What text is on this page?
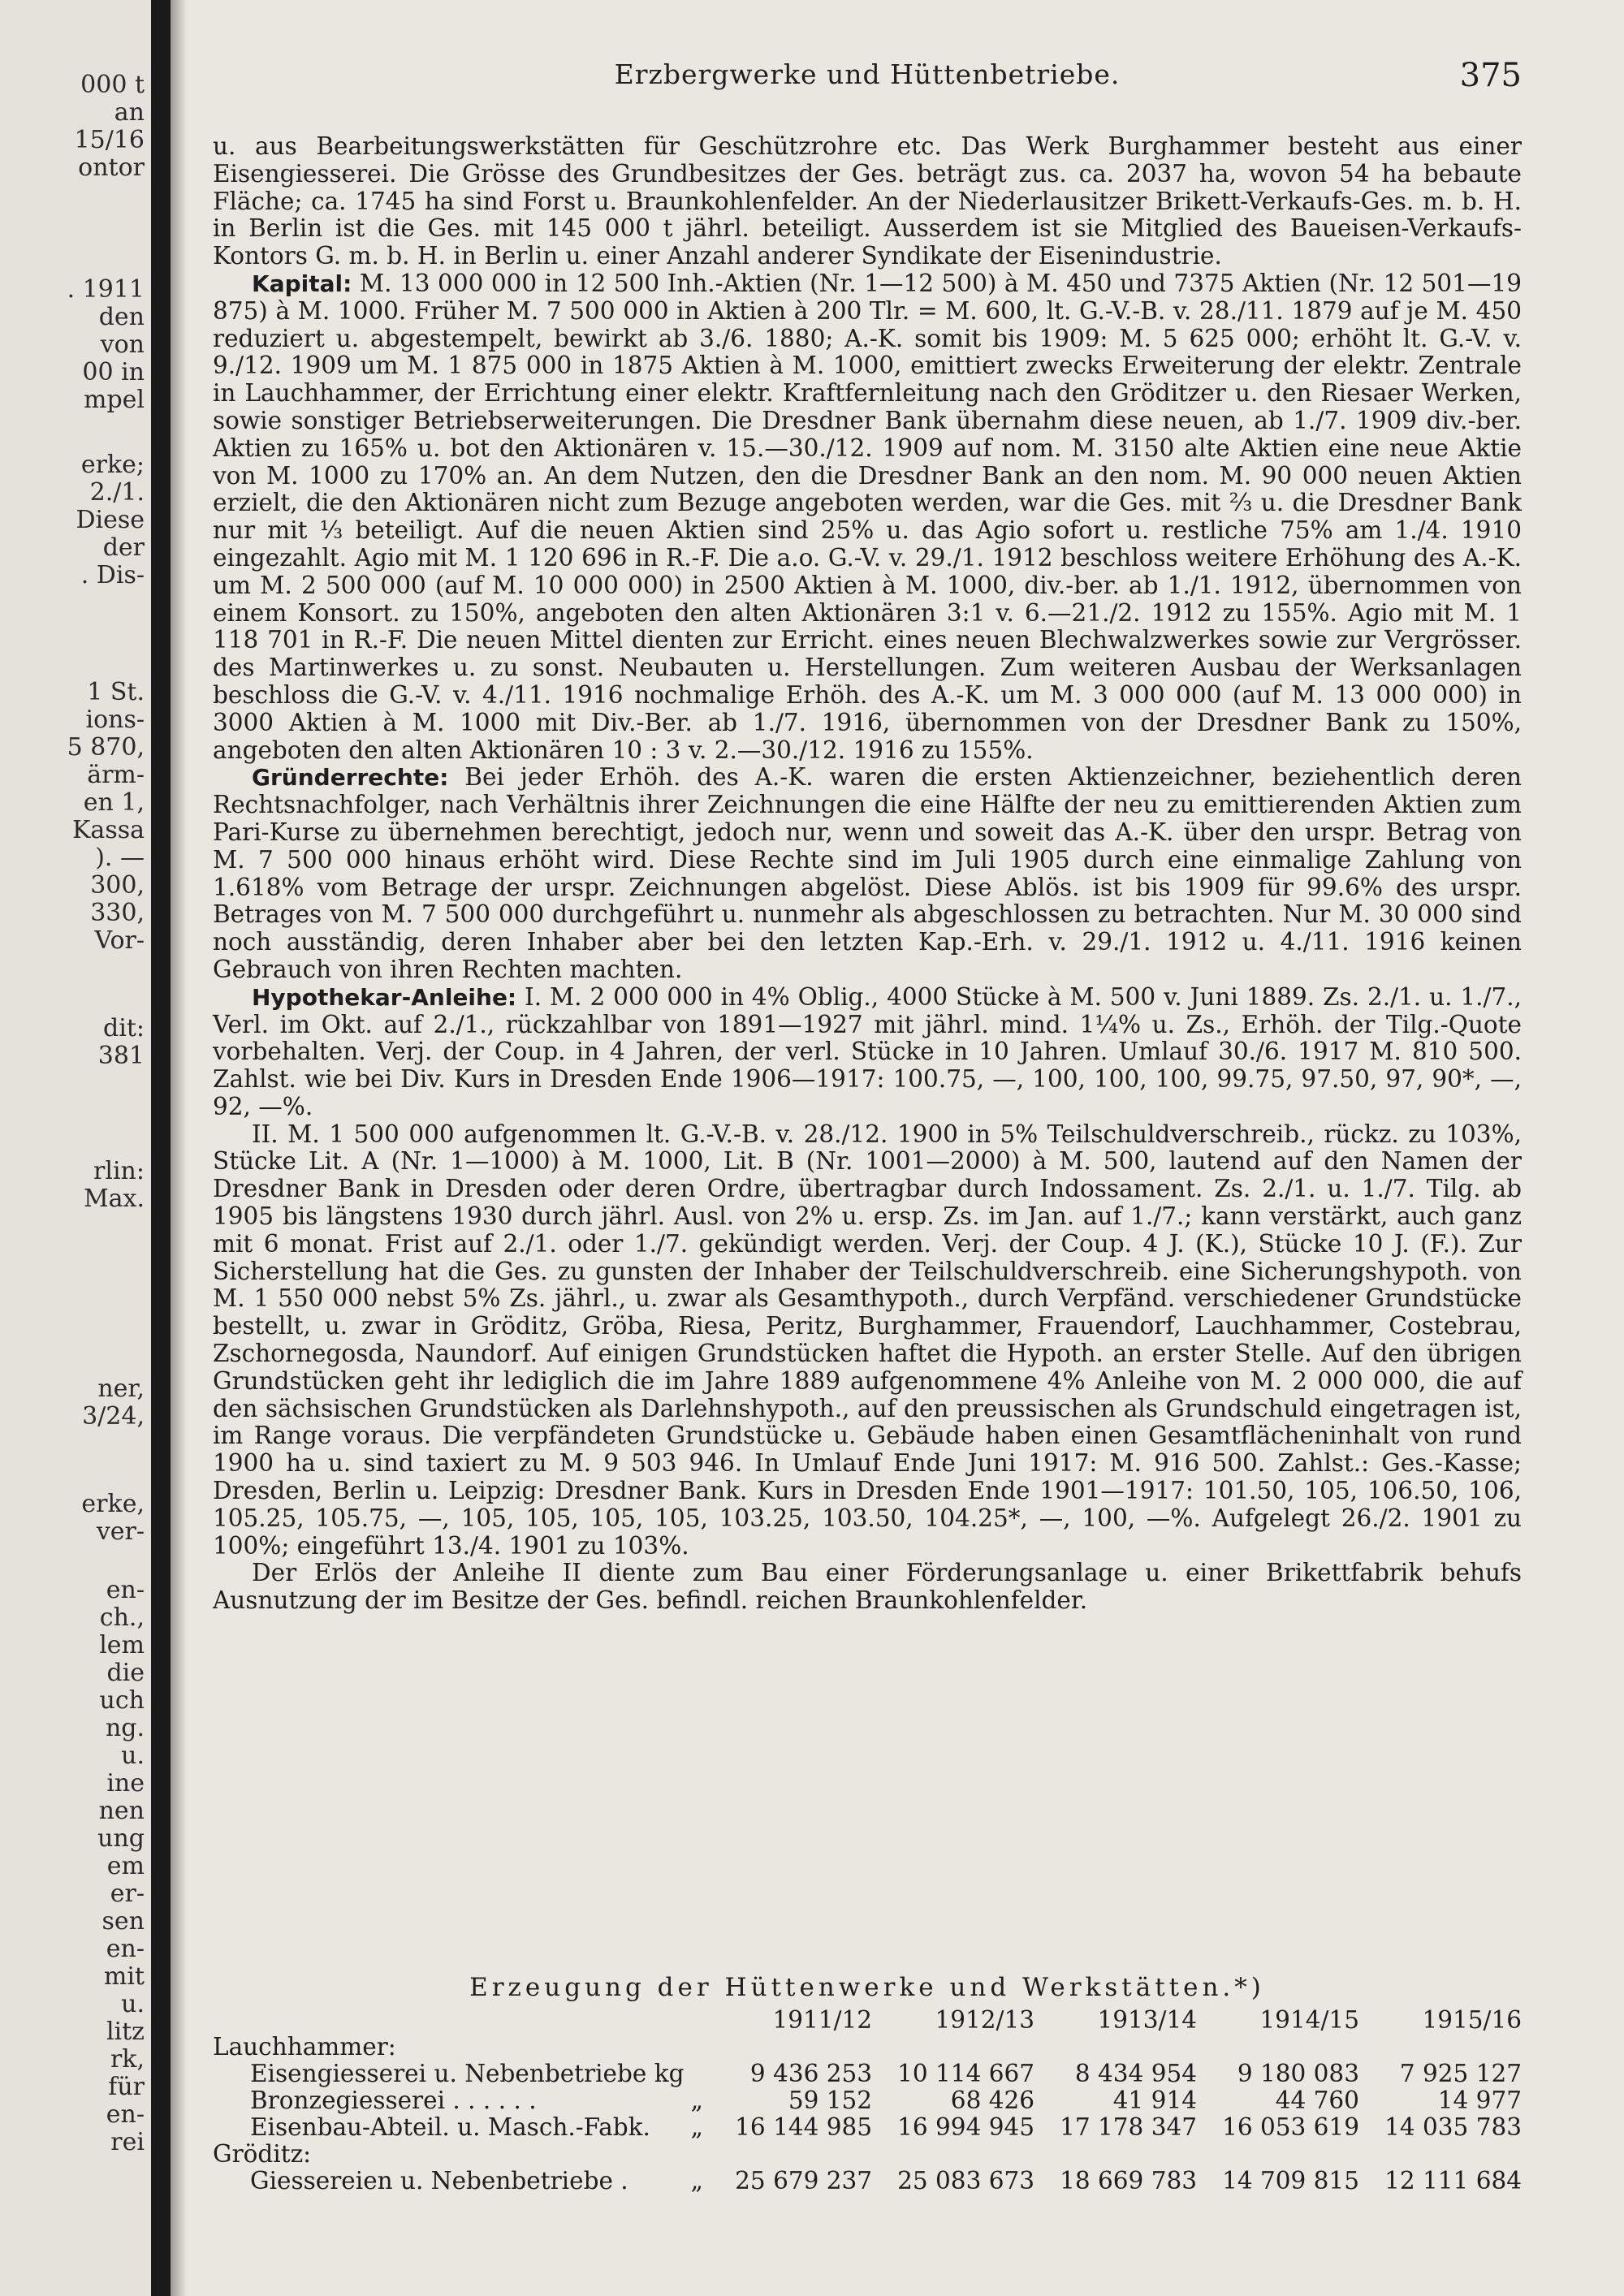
000 t
an
15/16
ontor
. 1911
den
von
00 in
mpel
erke;
2./1.
Diese
der
. Dis-
1 St.
ions-
5 870,
ärm-
en 1,
Kassa
). —
300,
330,
Vor-
dit:
381
rlin:
Max.
ner,
3/24,
erke,
ver-
en-
ch.,
lem
die
uch
ng.
u.
ine
nen
ung
em
er-
sen
en-
mit
u.
litz
rk,
für
en-
rei
Erzbergwerke und Hüttenbetriebe.	375

u. aus Bearbeitungswerkstätten für Geschützrohre etc. Das Werk Burghammer besteht aus einer Eisengiesserei. Die Grösse des Grundbesitzes der Ges. beträgt zus. ca. 2037 ha, wovon 54 ha bebaute Fläche; ca. 1745 ha sind Forst u. Braunkohlenfelder. An der Niederlausitzer Brikett-Verkaufs-Ges. m. b. H. in Berlin ist die Ges. mit 145 000 t jährl. beteiligt. Ausserdem ist sie Mitglied des Baueisen-Verkaufs-Kontors G. m. b. H. in Berlin u. einer Anzahl anderer Syndikate der Eisenindustrie.

Kapital: M. 13 000 000 in 12 500 Inh.-Aktien (Nr. 1—12 500) à M. 450 und 7375 Aktien (Nr. 12 501—19 875) à M. 1000. Früher M. 7 500 000 in Aktien à 200 Tlr. = M. 600, lt. G.-V.-B. v. 28./11. 1879 auf je M. 450 reduziert u. abgestempelt, bewirkt ab 3./6. 1880; A.-K. somit bis 1909: M. 5 625 000; erhöht lt. G.-V. v. 9./12. 1909 um M. 1 875 000 in 1875 Aktien à M. 1000, emittiert zwecks Erweiterung der elektr. Zentrale in Lauchhammer, der Errichtung einer elektr. Kraftfernleitung nach den Gröditzer u. den Riesaer Werken, sowie sonstiger Betriebserweiterungen. Die Dresdner Bank übernahm diese neuen, ab 1./7. 1909 div.-ber. Aktien zu 165% u. bot den Aktionären v. 15.—30./12. 1909 auf nom. M. 3150 alte Aktien eine neue Aktie von M. 1000 zu 170% an. An dem Nutzen, den die Dresdner Bank an den nom. M. 90 000 neuen Aktien erzielt, die den Aktionären nicht zum Bezuge angeboten werden, war die Ges. mit ⅔ u. die Dresdner Bank nur mit ⅓ beteiligt. Auf die neuen Aktien sind 25% u. das Agio sofort u. restliche 75% am 1./4. 1910 eingezahlt. Agio mit M. 1 120 696 in R.-F. Die a.o. G.-V. v. 29./1. 1912 beschloss weitere Erhöhung des A.-K. um M. 2 500 000 (auf M. 10 000 000) in 2500 Aktien à M. 1000, div.-ber. ab 1./1. 1912, übernommen von einem Konsort. zu 150%, angeboten den alten Aktionären 3:1 v. 6.—21./2. 1912 zu 155%. Agio mit M. 1 118 701 in R.-F. Die neuen Mittel dienten zur Erricht. eines neuen Blechwalzwerkes sowie zur Vergrösser. des Martinwerkes u. zu sonst. Neubauten u. Herstellungen. Zum weiteren Ausbau der Werksanlagen beschloss die G.-V. v. 4./11. 1916 nochmalige Erhöh. des A.-K. um M. 3 000 000 (auf M. 13 000 000) in 3000 Aktien à M. 1000 mit Div.-Ber. ab 1./7. 1916, übernommen von der Dresdner Bank zu 150%, angeboten den alten Aktionären 10 : 3 v. 2.—30./12. 1916 zu 155%.

Gründerrechte: Bei jeder Erhöh. des A.-K. waren die ersten Aktienzeichner, beziehentlich deren Rechtsnachfolger, nach Verhältnis ihrer Zeichnungen die eine Hälfte der neu zu emittierenden Aktien zum Pari-Kurse zu übernehmen berechtigt, jedoch nur, wenn und soweit das A.-K. über den urspr. Betrag von M. 7 500 000 hinaus erhöht wird. Diese Rechte sind im Juli 1905 durch eine einmalige Zahlung von 1.618% vom Betrage der urspr. Zeichnungen abgelöst. Diese Ablös. ist bis 1909 für 99.6% des urspr. Betrages von M. 7 500 000 durchgeführt u. nunmehr als abgeschlossen zu betrachten. Nur M. 30 000 sind noch ausständig, deren Inhaber aber bei den letzten Kap.-Erh. v. 29./1. 1912 u. 4./11. 1916 keinen Gebrauch von ihren Rechten machten.

Hypothekar-Anleihe: I. M. 2 000 000 in 4% Oblig., 4000 Stücke à M. 500 v. Juni 1889. Zs. 2./1. u. 1./7., Verl. im Okt. auf 2./1., rückzahlbar von 1891—1927 mit jährl. mind. 1¼% u. Zs., Erhöh. der Tilg.-Quote vorbehalten. Verj. der Coup. in 4 Jahren, der verl. Stücke in 10 Jahren. Umlauf 30./6. 1917 M. 810 500. Zahlst. wie bei Div. Kurs in Dresden Ende 1906—1917: 100.75, —, 100, 100, 100, 99.75, 97.50, 97, 90*, —, 92, —%.

II. M. 1 500 000 aufgenommen lt. G.-V.-B. v. 28./12. 1900 in 5% Teilschuldverschreib., rückz. zu 103%, Stücke Lit. A (Nr. 1—1000) à M. 1000, Lit. B (Nr. 1001—2000) à M. 500, lautend auf den Namen der Dresdner Bank in Dresden oder deren Ordre, übertragbar durch Indossament. Zs. 2./1. u. 1./7. Tilg. ab 1905 bis längstens 1930 durch jährl. Ausl. von 2% u. ersp. Zs. im Jan. auf 1./7.; kann verstärkt, auch ganz mit 6 monat. Frist auf 2./1. oder 1./7. gekündigt werden. Verj. der Coup. 4 J. (K.), Stücke 10 J. (F.). Zur Sicherstellung hat die Ges. zu gunsten der Inhaber der Teilschuldverschreib. eine Sicherungshypoth. von M. 1 550 000 nebst 5% Zs. jährl., u. zwar als Gesamthypoth., durch Verpfänd. verschiedener Grundstücke bestellt, u. zwar in Gröditz, Gröba, Riesa, Peritz, Burghammer, Frauendorf, Lauchhammer, Costebrau, Zschornegosda, Naundorf. Auf einigen Grundstücken haftet die Hypoth. an erster Stelle. Auf den übrigen Grundstücken geht ihr lediglich die im Jahre 1889 aufgenommene 4% Anleihe von M. 2 000 000, die auf den sächsischen Grundstücken als Darlehnshypoth., auf den preussischen als Grundschuld eingetragen ist, im Range voraus. Die verpfändeten Grundstücke u. Gebäude haben einen Gesamtflächeninhalt von rund 1900 ha u. sind taxiert zu M. 9 503 946. In Umlauf Ende Juni 1917: M. 916 500. Zahlst.: Ges.-Kasse; Dresden, Berlin u. Leipzig: Dresdner Bank. Kurs in Dresden Ende 1901—1917: 101.50, 105, 106.50, 106, 105.25, 105.75, —, 105, 105, 105, 105, 103.25, 103.50, 104.25*, —, 100, —%. Aufgelegt 26./2. 1901 zu 100%; eingeführt 13./4. 1901 zu 103%.

Der Erlös der Anleihe II diente zum Bau einer Förderungsanlage u. einer Brikettfabrik behufs Ausnutzung der im Besitze der Ges. befindl. reichen Braunkohlenfelder.

Erzeugung der Hüttenwerke und Werkstätten.*)
		1911/12	1912/13	1913/14	1914/15	1915/16
Lauchhammer:						
Eisengiesserei u. Nebenbetriebe kg		9 436 253	10 114 667	8 434 954	9 180 083	7 925 127
Bronzegiesserei . . . . . .	„	59 152	68 426	41 914	44 760	14 977
Eisenbau-Abteil. u. Masch.-Fabk.	„	16 144 985	16 994 945	17 178 347	16 053 619	14 035 783
Gröditz:						
Giessereien u. Nebenbetriebe .	„	25 679 237	25 083 673	18 669 783	14 709 815	12 111 684
